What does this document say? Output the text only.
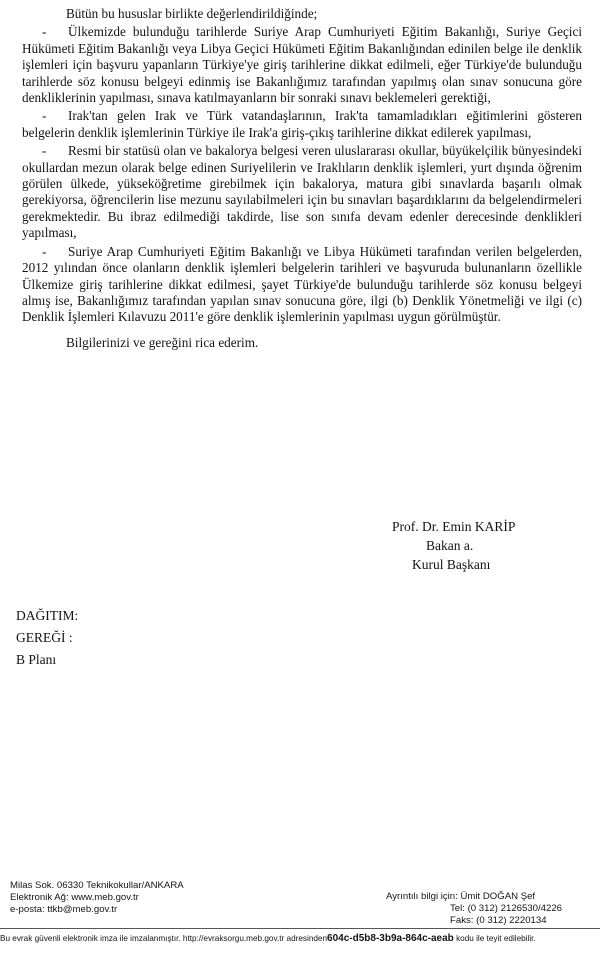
Bütün bu hususlar birlikte değerlendirildiğinde;

- Ülkemizde bulunduğu tarihlerde Suriye Arap Cumhuriyeti Eğitim Bakanlığı, Suriye Geçici Hükümeti Eğitim Bakanlığı veya Libya Geçici Hükümeti Eğitim Bakanlığından edinilen belge ile denklik işlemleri için başvuru yapanların Türkiye'ye giriş tarihlerine dikkat edilmeli, eğer Türkiye'de bulunduğu tarihlerde söz konusu belgeyi edinmiş ise Bakanlığımız tarafından yapılmış olan sınav sonucuna göre denkliklerinin yapılması, sınava katılmayanların bir sonraki sınavı beklemeleri gerektiği,

- Irak'tan gelen Irak ve Türk vatandaşlarının, Irak'ta tamamladıkları eğitimlerini gösteren belgelerin denklik işlemlerinin Türkiye ile Irak'a giriş-çıkış tarihlerine dikkat edilerek yapılması,

- Resmi bir statüsü olan ve bakalorya belgesi veren uluslararası okullar, büyükelçilik bünyesindeki okullardan mezun olarak belge edinen Suriyelilerin ve Iraklıların denklik işlemleri, yurt dışında öğrenim görülen ülkede, yükseköğretime girebilmek için bakalorya, matura gibi sınavlarda başarılı olmak gerekiyorsa, öğrencilerin lise mezunu sayılabilmeleri için bu sınavları başardıklarını da belgelendirmeleri gerekmektedir. Bu ibraz edilmediği takdirde, lise son sınıfa devam edenler derecesinde denklikleri yapılması,

- Suriye Arap Cumhuriyeti Eğitim Bakanlığı ve Libya Hükümeti tarafından verilen belgelerden, 2012 yılından önce olanların denklik işlemleri belgelerin tarihleri ve başvuruda bulunanların özellikle Ülkemize giriş tarihlerine dikkat edilmesi, şayet Türkiye'de bulunduğu tarihlerde söz konusu belgeyi almış ise, Bakanlığımız tarafından yapılan sınav sonucuna göre, ilgi (b) Denklik Yönetmeliği ve ilgi (c) Denklik İşlemleri Kılavuzu 2011'e göre denklik işlemlerinin yapılması uygun görülmüştür.

Bilgilerinizi ve gereğini rica ederim.

Prof. Dr. Emin KARİP
Bakan a.
Kurul Başkanı
DAĞITIM:
GEREĞİ :
B Planı
Milas Sok. 06330 Teknikokullar/ANKARA
Elektronik Ağ: www.meb.gov.tr
e-posta: ttkb@meb.gov.tr
Ayrıntılı bilgi için: Ümit DOĞAN Şef
Tel: (0 312) 2126530/4226
Faks: (0 312) 2220134
Bu evrak güvenli elektronik imza ile imzalanmıştır. http://evraksorgu.meb.gov.tr adresinden604c-d5b8-3b9a-864c-aeab kodu ile teyit edilebilir.
